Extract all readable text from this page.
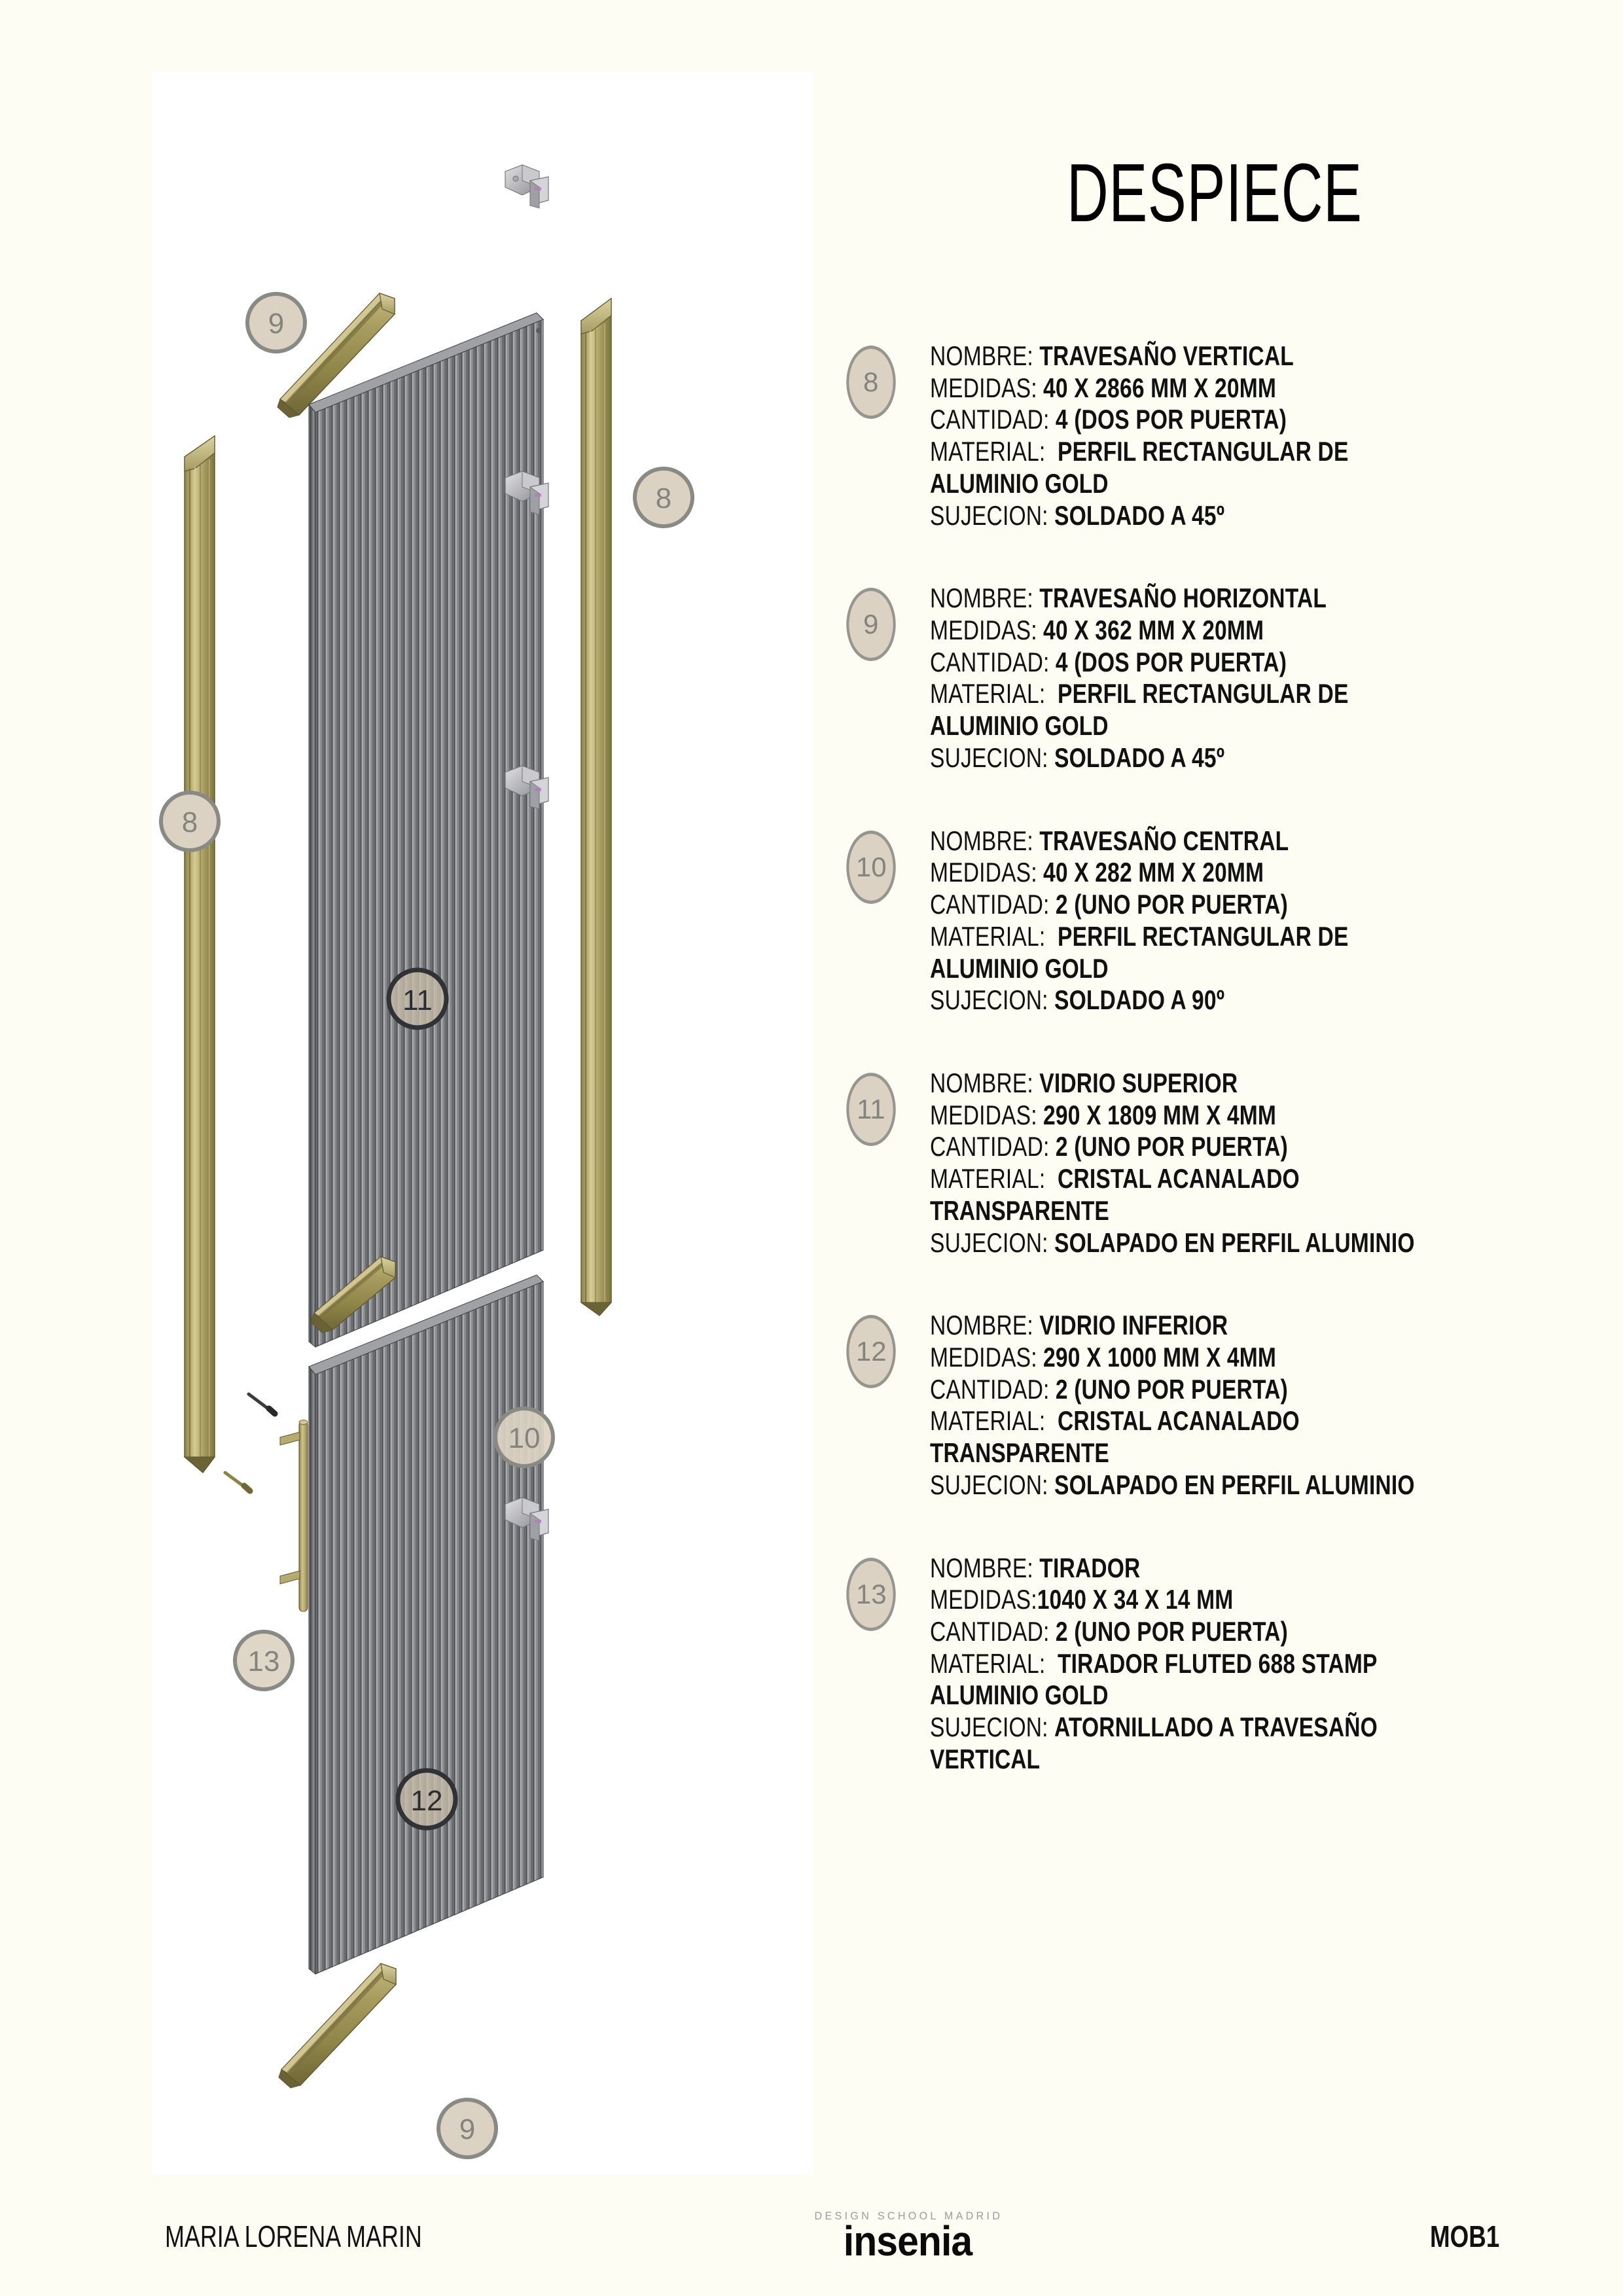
9
8
8
11
10
13
12
9
DESPIECE
8
NOMBRE: TRAVESAÑO VERTICAL
MEDIDAS: 40 X 2866 MM X 20MM
CANTIDAD: 4 (DOS POR PUERTA)
MATERIAL: PERFIL RECTANGULAR DE
ALUMINIO GOLD
SUJECION: SOLDADO A 45º
9
NOMBRE: TRAVESAÑO HORIZONTAL
MEDIDAS: 40 X 362 MM X 20MM
CANTIDAD: 4 (DOS POR PUERTA)
MATERIAL: PERFIL RECTANGULAR DE
ALUMINIO GOLD
SUJECION: SOLDADO A 45º
10
NOMBRE: TRAVESAÑO CENTRAL
MEDIDAS: 40 X 282 MM X 20MM
CANTIDAD: 2 (UNO POR PUERTA)
MATERIAL: PERFIL RECTANGULAR DE
ALUMINIO GOLD
SUJECION: SOLDADO A 90º
11
NOMBRE: VIDRIO SUPERIOR
MEDIDAS: 290 X 1809 MM X 4MM
CANTIDAD: 2 (UNO POR PUERTA)
MATERIAL: CRISTAL ACANALADO
TRANSPARENTE
SUJECION: SOLAPADO EN PERFIL ALUMINIO
12
NOMBRE: VIDRIO INFERIOR
MEDIDAS: 290 X 1000 MM X 4MM
CANTIDAD: 2 (UNO POR PUERTA)
MATERIAL: CRISTAL ACANALADO
TRANSPARENTE
SUJECION: SOLAPADO EN PERFIL ALUMINIO
13
NOMBRE: TIRADOR
MEDIDAS:1040 X 34 X 14 MM
CANTIDAD: 2 (UNO POR PUERTA)
MATERIAL: TIRADOR FLUTED 688 STAMP
ALUMINIO GOLD
SUJECION: ATORNILLADO A TRAVESAÑO
VERTICAL
MARIA LORENA MARIN
DESIGN SCHOOL MADRID
insenia	MOB1
